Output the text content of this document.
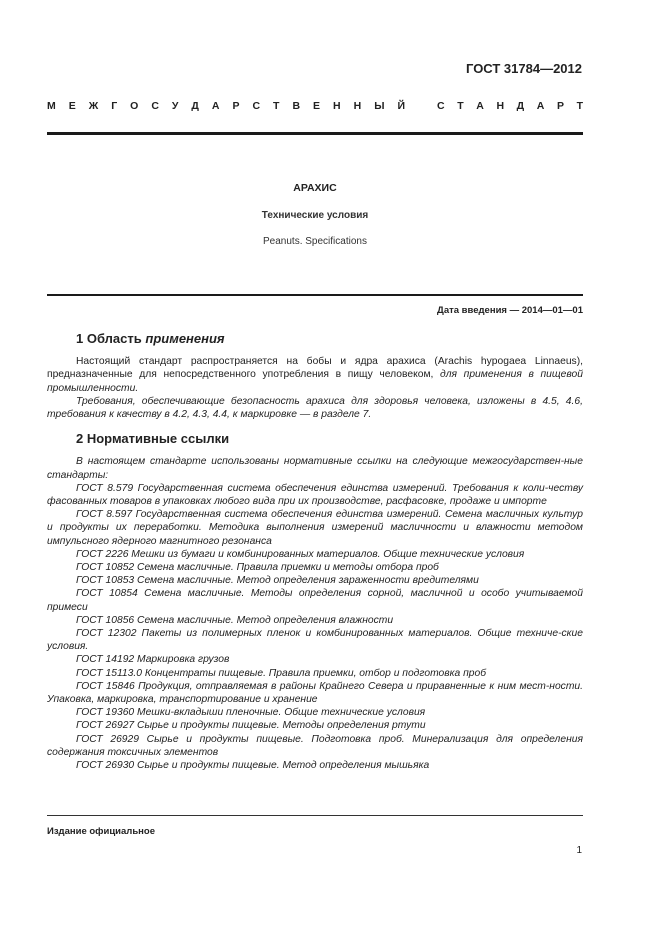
ГОСТ 31784—2012
М Е Ж Г О С У Д А Р С Т В Е Н Н Ы Й	С Т А Н Д А Р Т
АРАХИС
Технические условия
Peanuts. Specifications
Дата введения — 2014—01—01
1 Область применения

Настоящий стандарт распространяется на бобы и ядра арахиса (Arachis hypogaea Linnaeus), предназначенные для непосредственного употребления в пищу человеком, для применения в пищевой промышленности.

Требования, обеспечивающие безопасность арахиса для здоровья человека, изложены в 4.5, 4.6, требования к качеству в 4.2, 4.3, 4.4, к маркировке — в разделе 7.

2 Нормативные ссылки

В настоящем стандарте использованы нормативные ссылки на следующие межгосударствен-ные стандарты:

ГОСТ 8.579 Государственная система обеспечения единства измерений. Требования к коли-честву фасованных товаров в упаковках любого вида при их производстве, расфасовке, продаже и импорте

ГОСТ 8.597 Государственная система обеспечения единства измерений. Семена масличных культур и продукты их переработки. Методика выполнения измерений масличности и влажности методом импульсного ядерного магнитного резонанса

ГОСТ 2226 Мешки из бумаги и комбинированных материалов. Общие технические условия

ГОСТ 10852 Семена масличные. Правила приемки и методы отбора проб

ГОСТ 10853 Семена масличные. Метод определения зараженности вредителями

ГОСТ 10854 Семена масличные. Методы определения сорной, масличной и особо учитываемой примеси

ГОСТ 10856 Семена масличные. Метод определения влажности

ГОСТ 12302 Пакеты из полимерных пленок и комбинированных материалов. Общие техниче-ские условия.

ГОСТ 14192 Маркировка грузов

ГОСТ 15113.0 Концентраты пищевые. Правила приемки, отбор и подготовка проб

ГОСТ 15846 Продукция, отправляемая в районы Крайнего Севера и приравненные к ним мест-ности. Упаковка, маркировка, транспортирование и хранение

ГОСТ 19360 Мешки-вкладыши пленочные. Общие технические условия

ГОСТ 26927 Сырье и продукты пищевые. Методы определения ртути

ГОСТ 26929 Сырье и продукты пищевые. Подготовка проб. Минерализация для определения содержания токсичных элементов

ГОСТ 26930 Сырье и продукты пищевые. Метод определения мышьяка

Издание официальное
1
